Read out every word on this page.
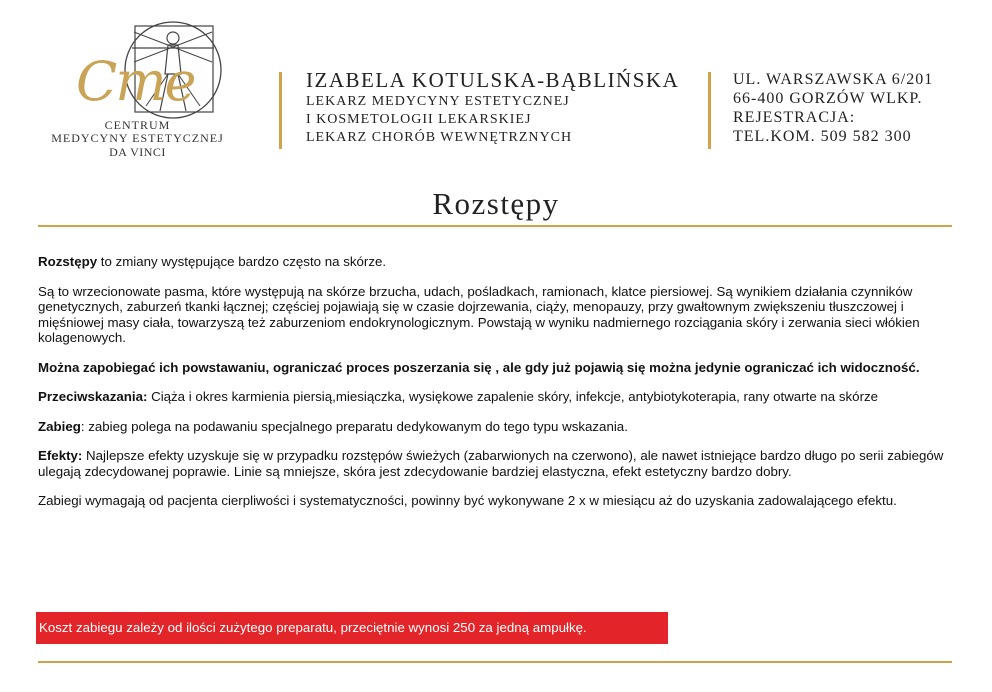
Cme
CENTRUM
MEDYCYNY ESTETYCZNEJ
DA VINCI
IZABELA KOTULSKA-BĄBLIŃSKA
LEKARZ MEDYCYNY ESTETYCZNEJ
I KOSMETOLOGII LEKARSKIEJ
LEKARZ CHORÓB WEWNĘTRZNYCH
UL. WARSZAWSKA 6/201
66-400 GORZÓW WLKP.
REJESTRACJA:
TEL.KOM. 509 582 300
Rozstępy

Rozstępy to zmiany występujące bardzo często na skórze.

Są to wrzecionowate pasma, które występują na skórze brzucha, udach, pośladkach, ramionach, klatce piersiowej. Są wynikiem działania czynników genetycznych, zaburzeń tkanki łącznej; częściej pojawiają się w czasie dojrzewania, ciąży, menopauzy, przy gwałtownym zwiększeniu tłuszczowej i mięśniowej masy ciała, towarzyszą też zaburzeniom endokrynologicznym. Powstają w wyniku nadmiernego rozciągania skóry i zerwania sieci włókien kolagenowych.

Można zapobiegać ich powstawaniu, ograniczać proces poszerzania się , ale gdy już pojawią się można jedynie ograniczać ich widoczność.

Przeciwskazania: Ciąża i okres karmienia piersią,miesiączka, wysiękowe zapalenie skóry, infekcje, antybiotykoterapia, rany otwarte na skórze

Zabieg: zabieg polega na podawaniu specjalnego preparatu dedykowanym do tego typu wskazania.

Efekty: Najlepsze efekty uzyskuje się w przypadku rozstępów świeżych (zabarwionych na czerwono), ale nawet istniejące bardzo długo po serii zabiegów ulegają zdecydowanej poprawie. Linie są mniejsze, skóra jest zdecydowanie bardziej elastyczna, efekt estetyczny bardzo dobry.

Zabiegi wymagają od pacjenta cierpliwości i systematyczności, powinny być wykonywane 2 x w miesiącu aż do uzyskania zadowalającego efektu.

Koszt zabiegu zależy od ilości zużytego preparatu, przeciętnie wynosi 250 za jedną ampułkę.
